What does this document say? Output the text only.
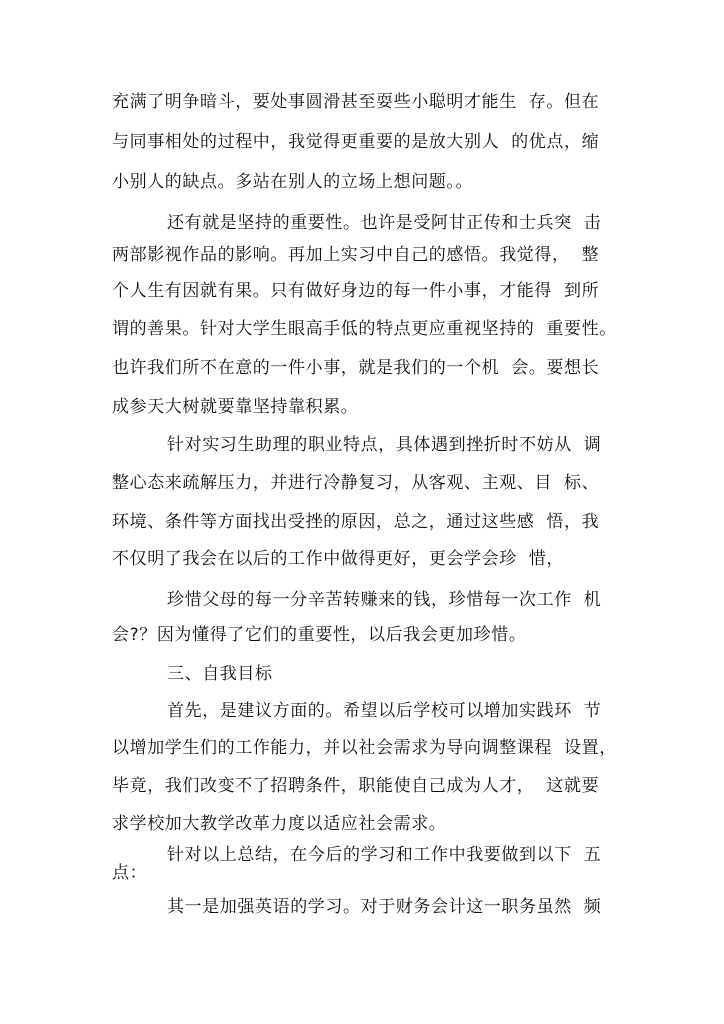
充满了明争暗斗，要处事圆滑甚至耍些小聪明才能生  存。但在
与同事相处的过程中，我觉得更重要的是放大别人  的优点，缩
小别人的缺点。多站在别人的立场上想问题。。
还有就是坚持的重要性。也许是受阿甘正传和士兵突  击
两部影视作品的影响。再加上实习中自己的感悟。我觉得，  整
个人生有因就有果。只有做好身边的每一件小事，才能得  到所
谓的善果。针对大学生眼高手低的特点更应重视坚持的  重要性。
也许我们所不在意的一件小事，就是我们的一个机  会。要想长
成参天大树就要靠坚持靠积累。
针对实习生助理的职业特点，具体遇到挫折时不妨从  调
整心态来疏解压力，并进行冷静复习，从客观、主观、目  标、
环境、条件等方面找出受挫的原因，总之，通过这些感  悟，我
不仅明了我会在以后的工作中做得更好，更会学会珍  惜，
珍惜父母的每一分辛苦转赚来的钱，珍惜每一次工作  机
会?？因为懂得了它们的重要性，以后我会更加珍惜。
三、自我目标
首先，是建议方面的。希望以后学校可以增加实践环  节
以增加学生们的工作能力，并以社会需求为导向调整课程  设置，
毕竟，我们改变不了招聘条件，职能使自己成为人才，  这就要
求学校加大教学改革力度以适应社会需求。
针对以上总结，在今后的学习和工作中我要做到以下  五
点：
其一是加强英语的学习。对于财务会计这一职务虽然  频
